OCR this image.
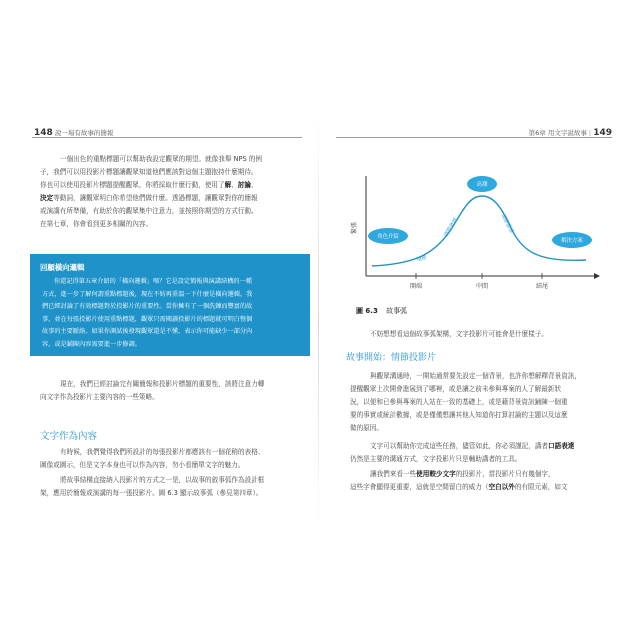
148 說一場有故事的簡報	第6章 用文字說故事 | 149
一個出色的重點標題可以幫助我設定觀眾的期望。就像我舉 NPS 的例
子，我們可以用投影片標題讓觀眾知道他們應該對這個主題抱持什麼期待。
你也可以使用投影片標題提醒觀眾，你將採取什麼行動，使用了解、討論、
決定等動詞，讓觀眾明白你希望他們做什麼。透過標題，讓觀眾對你的簡報
或演講有所準備，有助於你的觀眾集中注意力，並按照你期望的方式行動。
在第七章，你會看到更多相關的內容。
回顧橫向邏輯
你還記得第五章介紹的「橫向邏輯」嗎？它是設定簡報與演講結構的一種
方式，進一步了解何謂重點標題後，現在不妨再重溫一下什麼是橫向邏輯。我
們已經討論了有效標題對於投影片的重要性。當你擁有了一個洗鍊而豐富的故
事，並在每張投影片使用重點標題，觀眾只需閱讀投影片的標題就可明白整個
故事的主要脈絡。如果你測試後發現觀眾還是不懂，表示你可能缺少一部分內
容，或是鋪陳內容需要進一步修調。
現在，我們已經討論完有關簡報和投影片標題的重要性，該將注意力轉
向文字作為投影片主要內容的一些策略。
文字作為內容
有時候，我們覺得我們所設計的每張投影片都應該有一個花稍的表格、
圖像或圖示，但是文字本身也可以作為內容，勿小看簡單文字的魅力。
將故事結構直接納入投影片的方式之一是，以故事的敘事弧作為設計框
架，應用於簡報或演講的每一張投影片。圖 6.3 顯示故事弧（參見第四章）。
緊張
開端	中間	結尾
角色介紹
情節
情節發展
高潮
情節發展
解決方案
圖 6.3 故事弧
不妨想想看這個故事弧架構，文字投影片可能會是什麼樣子。
故事開始：情節投影片
與觀眾溝通時，一開始通常要先設定一個背景，也許你想解釋背景資訊，
提醒觀眾上次開會進展到了哪裡，或是讓之前未參與專案的人了解最新狀
況，以便和已參與專案的人站在一致的基礎上，或是藉背景資訊鋪陳一個重
要的事實或統計數據，或是僅僅想讓其他人知道你打算討論的主題以及這麼
做的原因。
文字可以幫助你完成這些任務，儘管如此，你必須謹記，講者口語表達
仍然是主要的溝通方式，文字投影片只是輔助講者的工具。
讓我們來看一些使用較少文字的投影片，當投影片只有幾個字，
這些字會顯得更重要，這就是空間留白的威力（空白以外的有限元素，如文
